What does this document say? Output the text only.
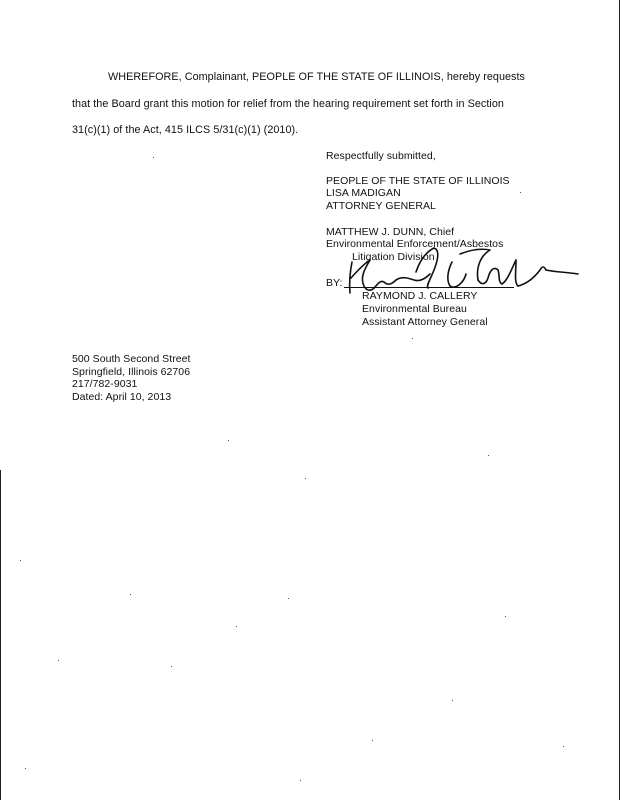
WHEREFORE, Complainant, PEOPLE OF THE STATE OF ILLINOIS, hereby requests
that the Board grant this motion for relief from the hearing requirement set forth in Section
31(c)(1) of the Act, 415 ILCS 5/31(c)(1) (2010).
Respectfully submitted,
PEOPLE OF THE STATE OF ILLINOIS
LISA MADIGAN
ATTORNEY GENERAL
MATTHEW J. DUNN, Chief
Environmental Enforcement/Asbestos
Litigation Division
BY:
RAYMOND J. CALLERY
Environmental Bureau
Assistant Attorney General
500 South Second Street
Springfield, Illinois 62706
217/782-9031
Dated: April 10, 2013
